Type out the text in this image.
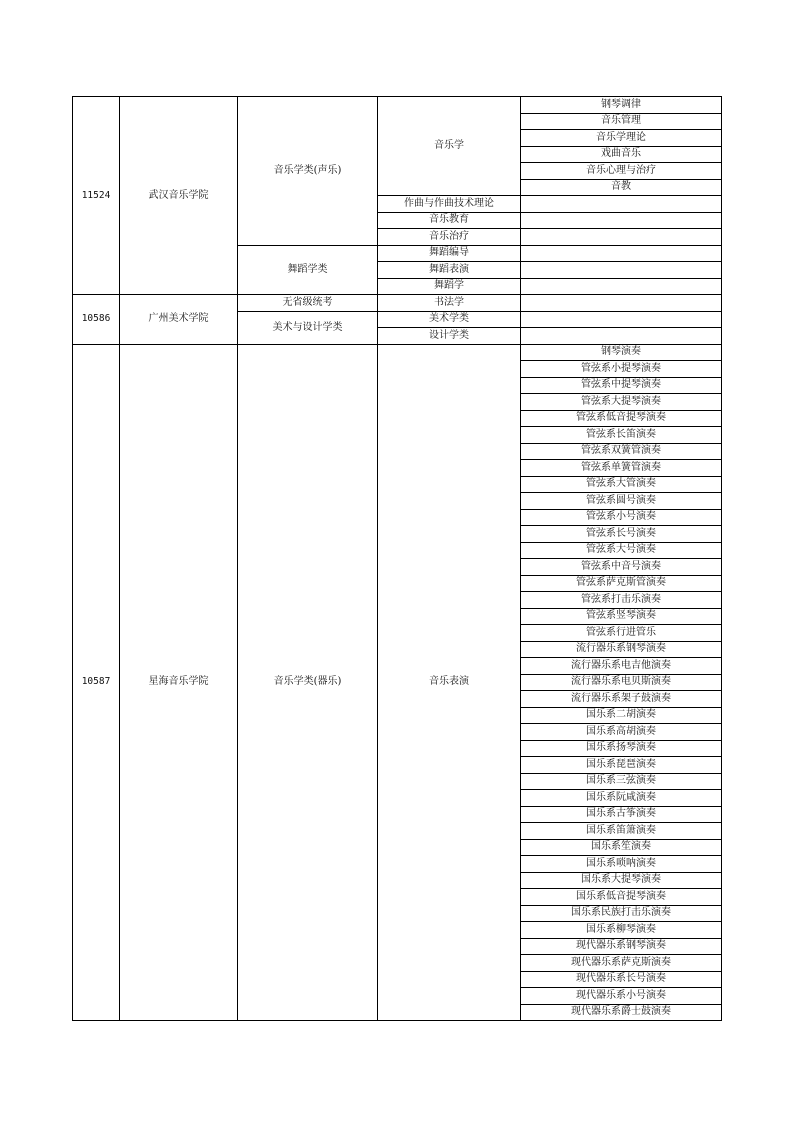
11524	武汉音乐学院	音乐学类(声乐)	音乐学	钢琴调律
				音乐管理
				音乐学理论
				戏曲音乐
				音乐心理与治疗
				音教
			作曲与作曲技术理论	
			音乐教育	
			音乐治疗	
		舞蹈学类	舞蹈编导	
			舞蹈表演	
			舞蹈学	
10586	广州美术学院	无省级统考	书法学	
		美术与设计学类	美术学类	
			设计学类	
10587	星海音乐学院	音乐学类(器乐)	音乐表演	钢琴演奏
				管弦系小提琴演奏
				管弦系中提琴演奏
				管弦系大提琴演奏
				管弦系低音提琴演奏
				管弦系长笛演奏
				管弦系双簧管演奏
				管弦系单簧管演奏
				管弦系大管演奏
				管弦系圆号演奏
				管弦系小号演奏
				管弦系长号演奏
				管弦系大号演奏
				管弦系中音号演奏
				管弦系萨克斯管演奏
				管弦系打击乐演奏
				管弦系竖琴演奏
				管弦系行进管乐
				流行器乐系钢琴演奏
				流行器乐系电吉他演奏
				流行器乐系电贝斯演奏
				流行器乐系架子鼓演奏
				国乐系二胡演奏
				国乐系高胡演奏
				国乐系扬琴演奏
				国乐系琵琶演奏
				国乐系三弦演奏
				国乐系阮咸演奏
				国乐系古筝演奏
				国乐系笛箫演奏
				国乐系笙演奏
				国乐系唢呐演奏
				国乐系大提琴演奏
				国乐系低音提琴演奏
				国乐系民族打击乐演奏
				国乐系柳琴演奏
				现代器乐系钢琴演奏
				现代器乐系萨克斯演奏
				现代器乐系长号演奏
				现代器乐系小号演奏
				现代器乐系爵士鼓演奏
